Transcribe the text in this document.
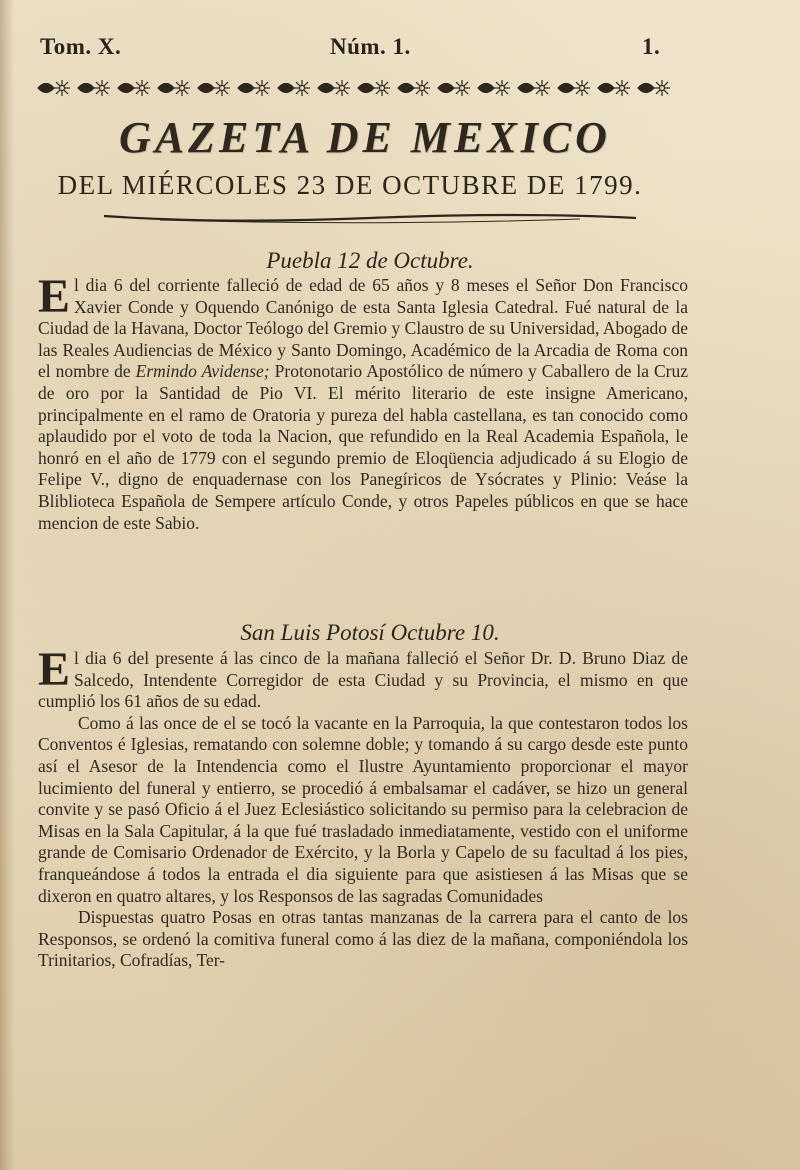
Tom. X.	Núm. 1.	1.
GAZETA DE MEXICO
DEL MIÉRCOLES 23 DE OCTUBRE DE 1799.
Puebla 12 de Octubre.
El dia 6 del corriente falleció de edad de 65 años y 8 meses el Señor Don Francisco Xavier Conde y Oquendo Canónigo de esta Santa Iglesia Catedral. Fué natural de la Ciudad de la Havana, Doctor Teólogo del Gremio y Claustro de su Universidad, Abogado de las Reales Audiencias de México y Santo Domingo, Académico de la Arcadia de Roma con el nombre de Ermindo Avidense; Protonotario Apostólico de número y Caballero de la Cruz de oro por la Santidad de Pio VI. El mérito literario de este insigne Americano, principalmente en el ramo de Oratoria y pureza del habla castellana, es tan conocido como aplaudido por el voto de toda la Nacion, que refundido en la Real Academia Española, le honró en el año de 1779 con el segundo premio de Eloqüencia adjudicado á su Elogio de Felipe V., digno de enquadernase con los Panegíricos de Ysócrates y Plinio: Veáse la Bliblioteca Española de Sempere artículo Conde, y otros Papeles públicos en que se hace mencion de este Sabio.
San Luis Potosí Octubre 10.

El dia 6 del presente á las cinco de la mañana falleció el Señor Dr. D. Bruno Diaz de Salcedo, Intendente Corregidor de esta Ciudad y su Provincia, el mismo en que cumplió los 61 años de su edad.

Como á las once de el se tocó la vacante en la Parroquia, la que contestaron todos los Conventos é Iglesias, rematando con solemne doble; y tomando á su cargo desde este punto así el Asesor de la Intendencia como el Ilustre Ayuntamiento proporcionar el mayor lucimiento del funeral y entierro, se procedió á embalsamar el cadáver, se hizo un general convite y se pasó Oficio á el Juez Eclesiástico solicitando su permiso para la celebracion de Misas en la Sala Capitular, á la que fué trasladado inmediatamente, vestido con el uniforme grande de Comisario Ordenador de Exército, y la Borla y Capelo de su facultad á los pies, franqueándose á todos la entrada el dia siguiente para que asistiesen á las Misas que se dixeron en quatro altares, y los Responsos de las sagradas Comunidades

Dispuestas quatro Posas en otras tantas manzanas de la carrera para el canto de los Responsos, se ordenó la comitiva funeral como á las diez de la mañana, componiéndola los Trinitarios, Cofradías, Ter-
